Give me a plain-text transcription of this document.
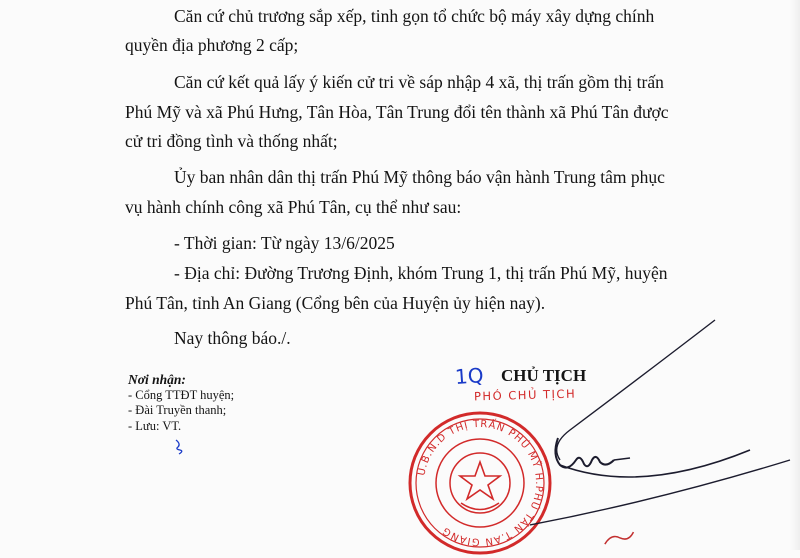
Căn cứ chủ trương sắp xếp, tinh gọn tổ chức bộ máy xây dựng chính
quyền địa phương 2 cấp;
Căn cứ kết quả lấy ý kiến cử tri về sáp nhập 4 xã, thị trấn gồm thị trấn
Phú Mỹ và xã Phú Hưng, Tân Hòa, Tân Trung đổi tên thành xã Phú Tân được
cử tri đồng tình và thống nhất;
Ủy ban nhân dân thị trấn Phú Mỹ thông báo vận hành Trung tâm phục
vụ hành chính công xã Phú Tân, cụ thể như sau:
- Thời gian: Từ ngày 13/6/2025
- Địa chỉ: Đường Trương Định, khóm Trung 1, thị trấn Phú Mỹ, huyện
Phú Tân, tỉnh An Giang (Cổng bên của Huyện ủy hiện nay).
Nay thông báo./.
Nơi nhận:
- Cổng TTĐT huyện;
- Đài Truyền thanh;
- Lưu: VT.
1Q CHỦ TỊCH
PHÓ CHỦ TỊCH
U.B.N.D THỊ TRẤN PHÚ MỸ H.PHÚ TÂN T.AN GIANG
